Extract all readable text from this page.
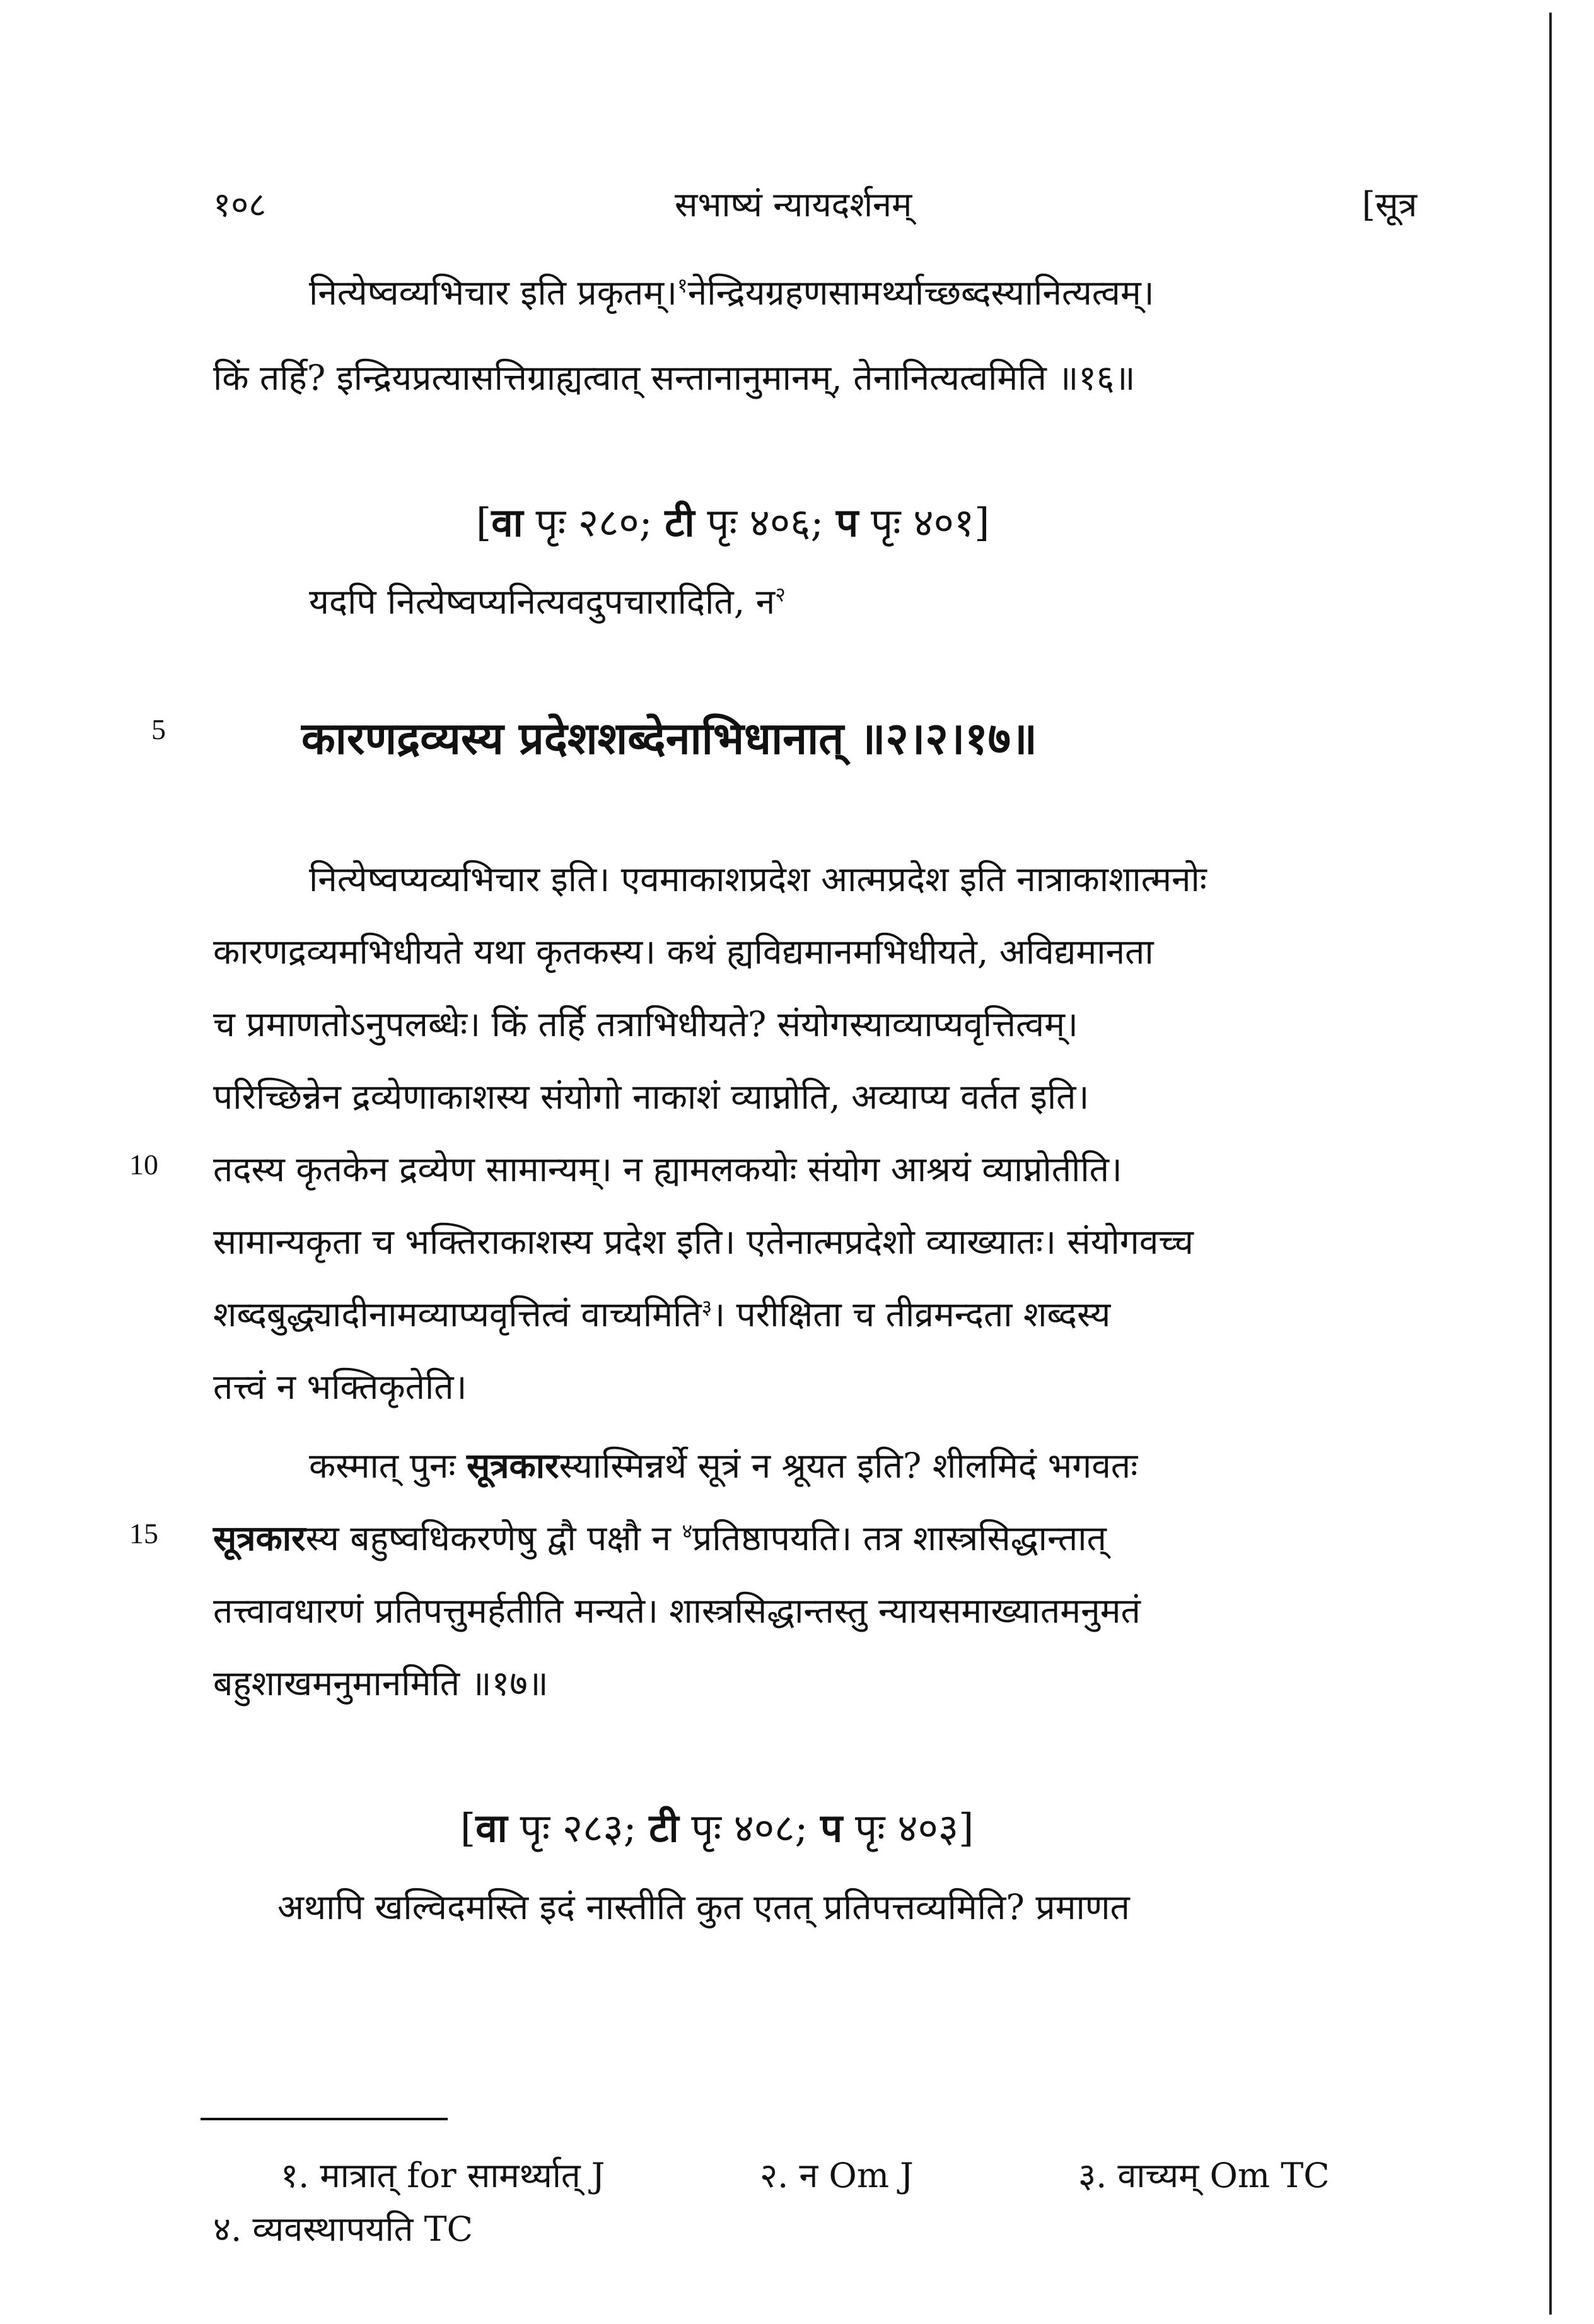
१०८	सभाष्यं न्यायदर्शनम्	[सूत्र
नित्येष्वव्यभिचार इति प्रकृतम्।$^१$नेन्द्रियग्रहणसामर्थ्याच्छब्दस्यानित्यत्वम्।
किं तर्हि? इन्द्रियप्रत्यासत्तिग्राह्यत्वात् सन्तानानुमानम्, तेनानित्यत्वमिति ॥१६॥
[वा पृः २८०; टी पृः ४०६; प पृः ४०१]
यदपि नित्येष्वप्यनित्यवदुपचारादिति, न$^२$
5	कारणद्रव्यस्य प्रदेशशब्देनाभिधानात् ॥२।२।१७॥
नित्येष्वप्यव्यभिचार इति। एवमाकाशप्रदेश आत्मप्रदेश इति नात्राकाशात्मनोः
कारणद्रव्यमभिधीयते यथा कृतकस्य। कथं ह्यविद्यमानमभिधीयते, अविद्यमानता
च प्रमाणतोऽनुपलब्धेः। किं तर्हि तत्राभिधीयते? संयोगस्याव्याप्यवृत्तित्वम्।
परिच्छिन्नेन द्रव्येणाकाशस्य संयोगो नाकाशं व्याप्नोति, अव्याप्य वर्तत इति।
10 तदस्य कृतकेन द्रव्येण सामान्यम्। न ह्यामलकयोः संयोग आश्रयं व्याप्नोतीति।
सामान्यकृता च भक्तिराकाशस्य प्रदेश इति। एतेनात्मप्रदेशो व्याख्यातः। संयोगवच्च
शब्दबुद्ध्यादीनामव्याप्यवृत्तित्वं वाच्यमिति$^३$। परीक्षिता च तीव्रमन्दता शब्दस्य
तत्त्वं न भक्तिकृतेति।
कस्मात् पुनः सूत्रकारस्यास्मिन्नर्थे सूत्रं न श्रूयत इति? शीलमिदं भगवतः
15 सूत्रकारस्य बहुष्वधिकरणेषु द्वौ पक्षौ न $^४$प्रतिष्ठापयति। तत्र शास्त्रसिद्धान्तात्
तत्त्वावधारणं प्रतिपत्तुमर्हतीति मन्यते। शास्त्रसिद्धान्तस्तु न्यायसमाख्यातमनुमतं
बहुशाखमनुमानमिति ॥१७॥
[वा पृः २८३; टी पृः ४०८; प पृः ४०३]
अथापि खल्विदमस्ति इदं नास्तीति कुत एतत् प्रतिपत्तव्यमिति? प्रमाणत
१. मात्रात् for सामर्थ्यात् J	२. न Om J	३. वाच्यम् Om TC
४. व्यवस्थापयति TC
